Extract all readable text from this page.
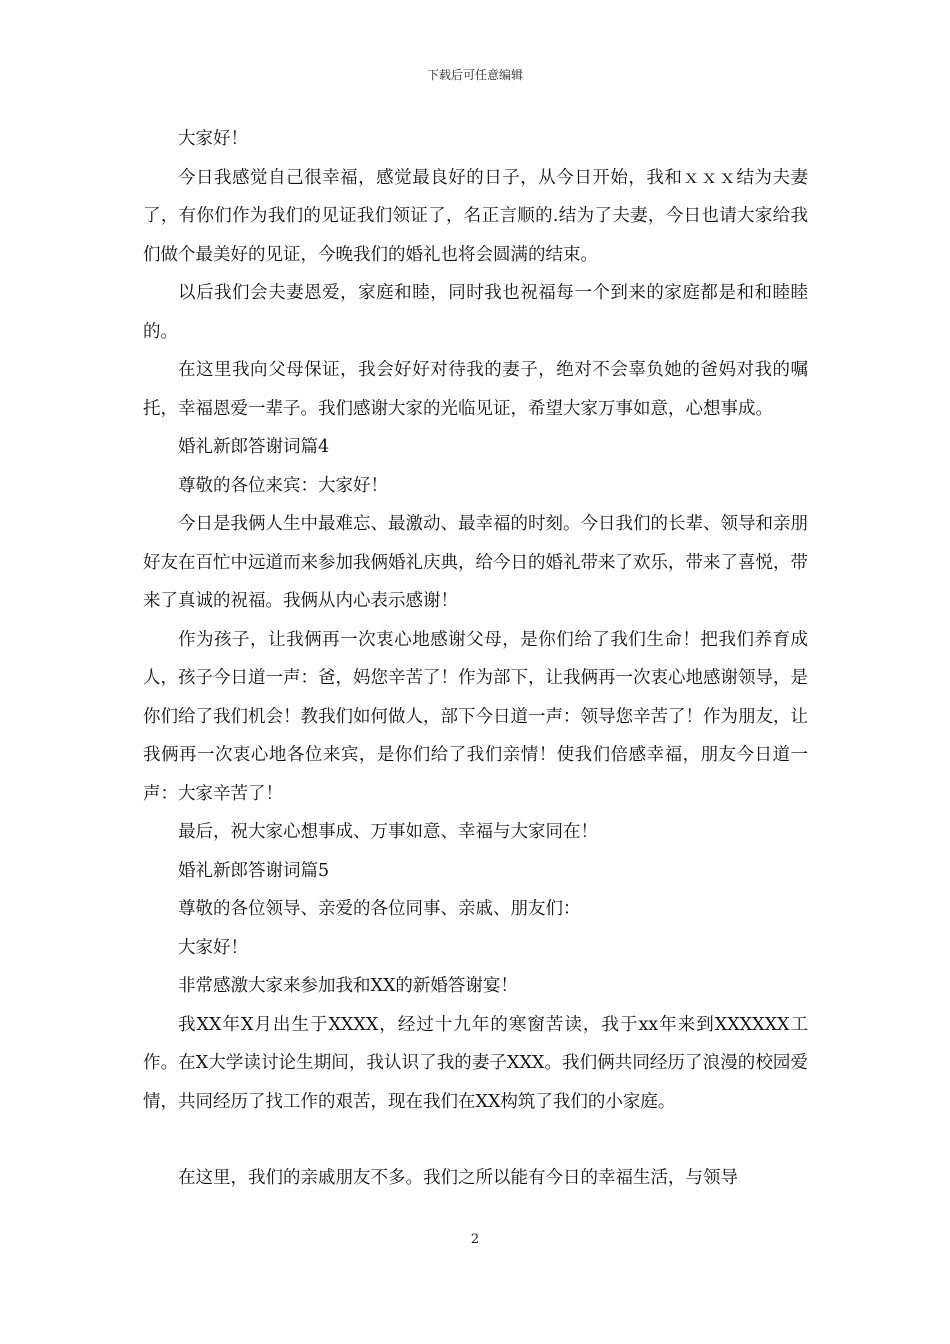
下载后可任意编辑

大家好！

今日我感觉自己很幸福，感觉最良好的日子，从今日开始，我和ｘｘｘ结为夫妻了，有你们作为我们的见证我们领证了，名正言顺的.结为了夫妻，今日也请大家给我们做个最美好的见证，今晚我们的婚礼也将会圆满的结束。

以后我们会夫妻恩爱，家庭和睦，同时我也祝福每一个到来的家庭都是和和睦睦的。

在这里我向父母保证，我会好好对待我的妻子，绝对不会辜负她的爸妈对我的嘱托，幸福恩爱一辈子。我们感谢大家的光临见证，希望大家万事如意，心想事成。

婚礼新郎答谢词篇4

尊敬的各位来宾：大家好！

今日是我俩人生中最难忘、最激动、最幸福的时刻。今日我们的长辈、领导和亲朋好友在百忙中远道而来参加我俩婚礼庆典，给今日的婚礼带来了欢乐，带来了喜悦，带来了真诚的祝福。我俩从内心表示感谢！

作为孩子，让我俩再一次衷心地感谢父母，是你们给了我们生命！把我们养育成人，孩子今日道一声：爸，妈您辛苦了！作为部下，让我俩再一次衷心地感谢领导，是你们给了我们机会！教我们如何做人，部下今日道一声：领导您辛苦了！作为朋友，让我俩再一次衷心地各位来宾，是你们给了我们亲情！使我们倍感幸福，朋友今日道一声：大家辛苦了！

最后，祝大家心想事成、万事如意、幸福与大家同在！

婚礼新郎答谢词篇5

尊敬的各位领导、亲爱的各位同事、亲戚、朋友们：

大家好！

非常感激大家来参加我和XX的新婚答谢宴！

我XX年X月出生于XXXX，经过十九年的寒窗苦读，我于xx年来到XXXXXX工作。在X大学读讨论生期间，我认识了我的妻子XXX。我们俩共同经历了浪漫的校园爱情，共同经历了找工作的艰苦，现在我们在XX构筑了我们的小家庭。

在这里，我们的亲戚朋友不多。我们之所以能有今日的幸福生活，与领导

2
